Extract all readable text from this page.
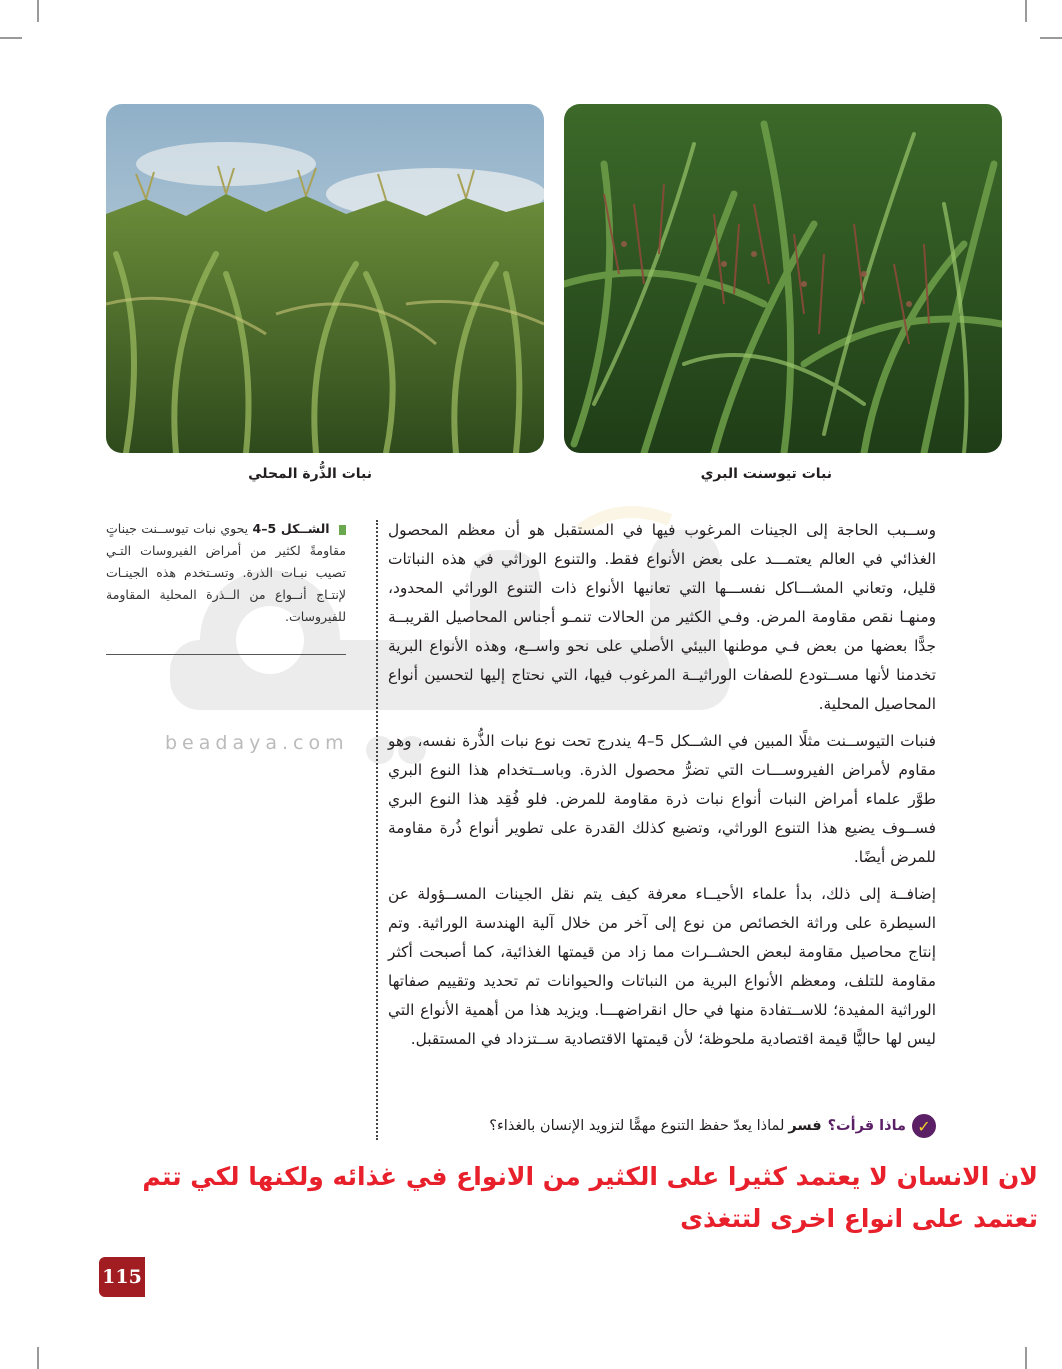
نبات تيوسنت البري
نبات الذُّرة المحلي
beadaya.com
الشــكل 5–4 يحوي نبات تيوســنت جيناتٍ مقاومةً لكثير من أمراض الفيروسات التـي تصيب نبـات الذرة. وتسـتخدم هذه الجينـات لإنتـاج أنــواع من الــذرة المحلية المقاومة للفيروسات.

وســبب الحاجة إلى الجينات المرغوب فيها في المستقبل هو أن معظم المحصول الغذائي في العالم يعتمـــد على بعض الأنواع فقط. والتنوع الوراثي في هذه النباتات قليل، وتعاني المشـــاكل نفســـها التي تعانيها الأنواع ذات التنوع الوراثي المحدود، ومنهـا نقص مقاومة المرض. وفـي الكثير من الحالات تنمـو أجناس المحاصيل القريبــة جدًّا بعضها من بعض فـي موطنها البيئي الأصلي على نحو واســع، وهذه الأنواع البرية تخدمنا لأنها مســتودع للصفات الوراثيــة المرغوب فيها، التي نحتاج إليها لتحسين أنواع المحاصيل المحلية.

فنبات التيوســنت مثلًا المبين في الشــكل 5–4 يندرج تحت نوع نبات الذُّرة نفسه، وهو مقاوم لأمراض الفيروســـات التي تضرُّ محصول الذرة. وباســتخدام هذا النوع البري طوَّر علماء أمراض النبات أنواع نبات ذرة مقاومة للمرض. فلو فُقِد هذا النوع البري فســوف يضيع هذا التنوع الوراثي، وتضيع كذلك القدرة على تطوير أنواع ذُرة مقاومة للمرض أيضًا.

إضافــة إلى ذلك، بدأ علماء الأحيــاء معرفة كيف يتم نقل الجينات المســؤولة عن السيطرة على وراثة الخصائص من نوع إلى آخر من خلال آلية الهندسة الوراثية. وتم إنتاج محاصيل مقاومة لبعض الحشــرات مما زاد من قيمتها الغذائية، كما أصبحت أكثر مقاومة للتلف، ومعظم الأنواع البرية من النباتات والحيوانات تم تحديد وتقييم صفاتها الوراثية المفيدة؛ للاســتفادة منها في حال انقراضهـــا. ويزيد هذا من أهمية الأنواع التي ليس لها حاليًّا قيمة اقتصادية ملحوظة؛ لأن قيمتها الاقتصادية ســتزداد في المستقبل.

✓
ماذا قرأت؟
فسر
لماذا يعدّ حفظ التنوع مهمًّا لتزويد الإنسان بالغذاء؟
لان الانسان لا يعتمد كثيرا على الكثير من الانواع في غذائه ولكنها لكي تتم
تعتمد على انواع اخرى لتتغذى
115
